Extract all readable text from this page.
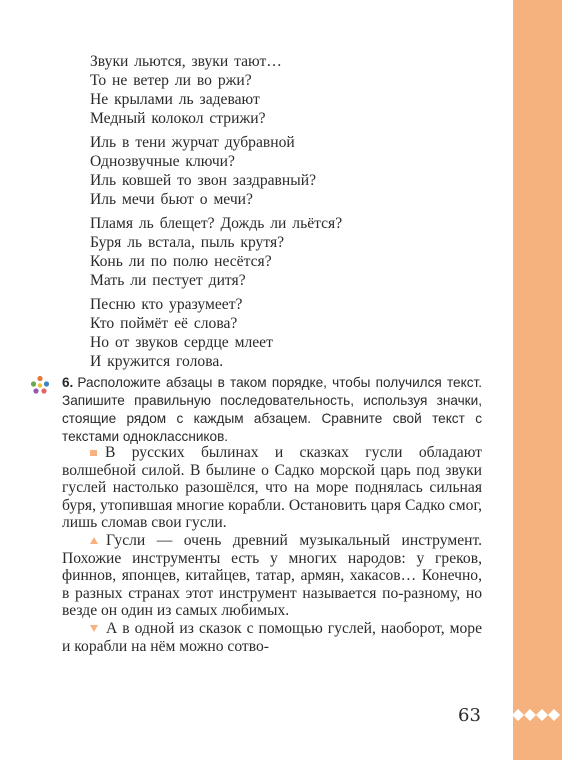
Звуки льются, звуки тают…
То не ветер ли во ржи?
Не крылами ль задевают
Медный колокол стрижи?
Иль в тени журчат дубравной
Однозвучные ключи?
Иль ковшей то звон заздравный?
Иль мечи бьют о мечи?
Пламя ль блещет? Дождь ли льётся?
Буря ль встала, пыль крутя?
Конь ли по полю несётся?
Мать ли пестует дитя?
Песню кто уразумеет?
Кто поймёт её слова?
Но от звуков сердце млеет
И кружится голова.
6. Расположите абзацы в таком порядке, чтобы получился текст. Запишите правильную последовательность, используя значки, стоящие рядом с каждым абзацем. Сравните свой текст с текстами одноклассников.

В русских былинах и сказках гусли обладают волшебной силой. В былине о Садко морской царь под звуки гуслей настолько разошёлся, что на море поднялась сильная буря, утопившая многие корабли. Остановить царя Садко смог, лишь сломав свои гусли.

Гусли — очень древний музыкальный инструмент. Похожие инструменты есть у многих народов: у греков, финнов, японцев, китайцев, татар, армян, хака́сов… Конечно, в разных странах этот инструмент называется по-разному, но везде он один из самых любимых.

А в одной из сказок с помощью гуслей, наоборот, море и корабли на нём можно сотво-

63
